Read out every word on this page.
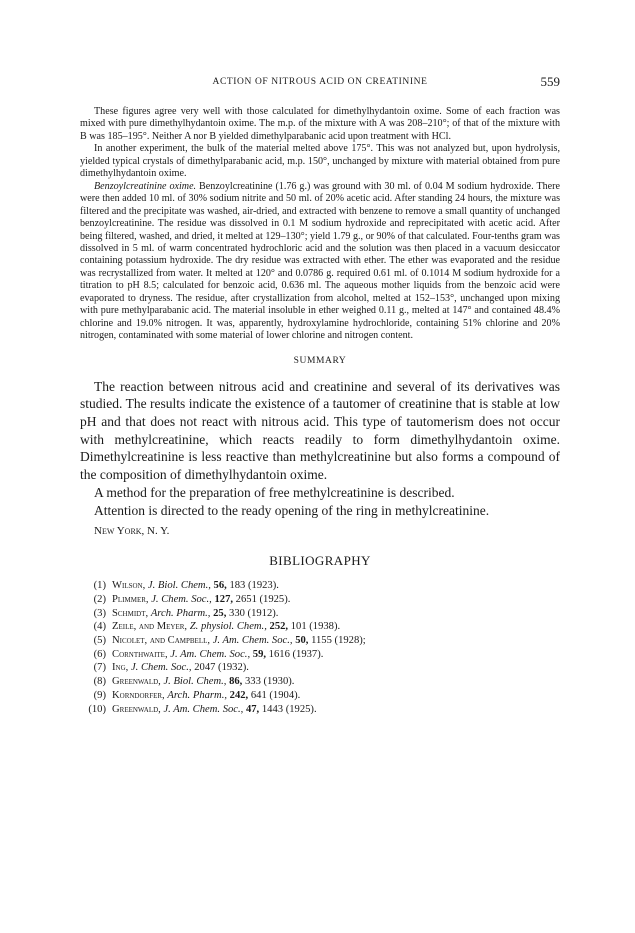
ACTION OF NITROUS ACID ON CREATININE	559

These figures agree very well with those calculated for dimethylhydantoin oxime. Some of each fraction was mixed with pure dimethylhydantoin oxime. The m.p. of the mixture with A was 208–210°; of that of the mixture with B was 185–195°. Neither A nor B yielded dimethylparabanic acid upon treatment with HCl.

In another experiment, the bulk of the material melted above 175°. This was not analyzed but, upon hydrolysis, yielded typical crystals of dimethylparabanic acid, m.p. 150°, unchanged by mixture with material obtained from pure dimethylhydantoin oxime.

Benzoylcreatinine oxime. Benzoylcreatinine (1.76 g.) was ground with 30 ml. of 0.04 M sodium hydroxide. There were then added 10 ml. of 30% sodium nitrite and 50 ml. of 20% acetic acid. After standing 24 hours, the mixture was filtered and the precipitate was washed, air-dried, and extracted with benzene to remove a small quantity of unchanged benzoylcreatinine. The residue was dissolved in 0.1 M sodium hydroxide and reprecipitated with acetic acid. After being filtered, washed, and dried, it melted at 129–130°; yield 1.79 g., or 90% of that calculated. Four-tenths gram was dissolved in 5 ml. of warm concentrated hydrochloric acid and the solution was then placed in a vacuum desiccator containing potassium hydroxide. The dry residue was extracted with ether. The ether was evaporated and the residue was recrystallized from water. It melted at 120° and 0.0786 g. required 0.61 ml. of 0.1014 M sodium hydroxide for a titration to pH 8.5; calculated for benzoic acid, 0.636 ml. The aqueous mother liquids from the benzoic acid were evaporated to dryness. The residue, after crystallization from alcohol, melted at 152–153°, unchanged upon mixing with pure methylparabanic acid. The material insoluble in ether weighed 0.11 g., melted at 147° and contained 48.4% chlorine and 19.0% nitrogen. It was, apparently, hydroxylamine hydrochloride, containing 51% chlorine and 20% nitrogen, contaminated with some material of lower chlorine and nitrogen content.

SUMMARY

The reaction between nitrous acid and creatinine and several of its derivatives was studied. The results indicate the existence of a tautomer of creatinine that is stable at low pH and that does not react with nitrous acid. This type of tautomerism does not occur with methylcreatinine, which reacts readily to form dimethylhydantoin oxime. Dimethylcreatinine is less reactive than methylcreatinine but also forms a compound of the composition of dimethylhydantoin oxime.

A method for the preparation of free methylcreatinine is described.

Attention is directed to the ready opening of the ring in methylcreatinine.

New York, N. Y.
BIBLIOGRAPHY
(1) Wilson, J. Biol. Chem., 56, 183 (1923).
(2) Plimmer, J. Chem. Soc., 127, 2651 (1925).
(3) Schmidt, Arch. Pharm., 25, 330 (1912).
(4) Zeile, and Meyer, Z. physiol. Chem., 252, 101 (1938).
(5) Nicolet, and Campbell, J. Am. Chem. Soc., 50, 1155 (1928);
(6) Cornthwaite, J. Am. Chem. Soc., 59, 1616 (1937).
(7) Ing, J. Chem. Soc., 2047 (1932).
(8) Greenwald, J. Biol. Chem., 86, 333 (1930).
(9) Korndorfer, Arch. Pharm., 242, 641 (1904).
(10) Greenwald, J. Am. Chem. Soc., 47, 1443 (1925).
